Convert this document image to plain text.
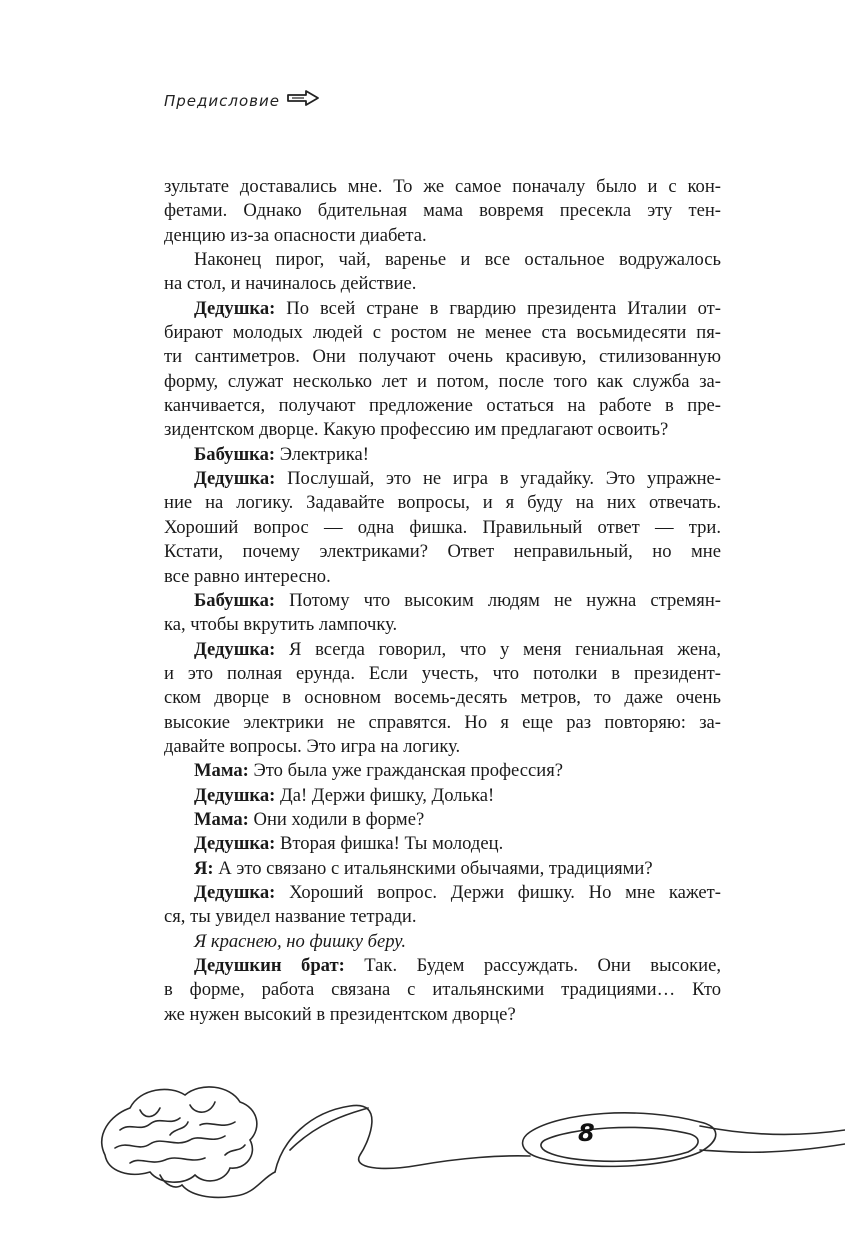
Предисловие
зультате доставались мне. То же самое поначалу было и с кон-
фетами. Однако бдительная мама вовремя пресекла эту тен-
денцию из-за опасности диабета.
Наконец пирог, чай, варенье и все остальное водружалось
на стол, и начиналось действие.
Дедушка: По всей стране в гвардию президента Италии от-
бирают молодых людей с ростом не менее ста восьмидесяти пя-
ти сантиметров. Они получают очень красивую, стилизованную
форму, служат несколько лет и потом, после того как служба за-
канчивается, получают предложение остаться на работе в пре-
зидентском дворце. Какую профессию им предлагают освоить?
Бабушка: Электрика!
Дедушка: Послушай, это не игра в угадайку. Это упражне-
ние на логику. Задавайте вопросы, и я буду на них отвечать.
Хороший вопрос — одна фишка. Правильный ответ — три.
Кстати, почему электриками? Ответ неправильный, но мне
все равно интересно.
Бабушка: Потому что высоким людям не нужна стремян-
ка, чтобы вкрутить лампочку.
Дедушка: Я всегда говорил, что у меня гениальная жена,
и это полная ерунда. Если учесть, что потолки в президент-
ском дворце в основном восемь-десять метров, то даже очень
высокие электрики не справятся. Но я еще раз повторяю: за-
давайте вопросы. Это игра на логику.
Мама: Это была уже гражданская профессия?
Дедушка: Да! Держи фишку, Долька!
Мама: Они ходили в форме?
Дедушка: Вторая фишка! Ты молодец.
Я: А это связано с итальянскими обычаями, традициями?
Дедушка: Хороший вопрос. Держи фишку. Но мне кажет-
ся, ты увидел название тетради.
Я краснею, но фишку беру.
Дедушкин брат: Так. Будем рассуждать. Они высокие,
в форме, работа связана с итальянскими традициями… Кто
же нужен высокий в президентском дворце?
8
